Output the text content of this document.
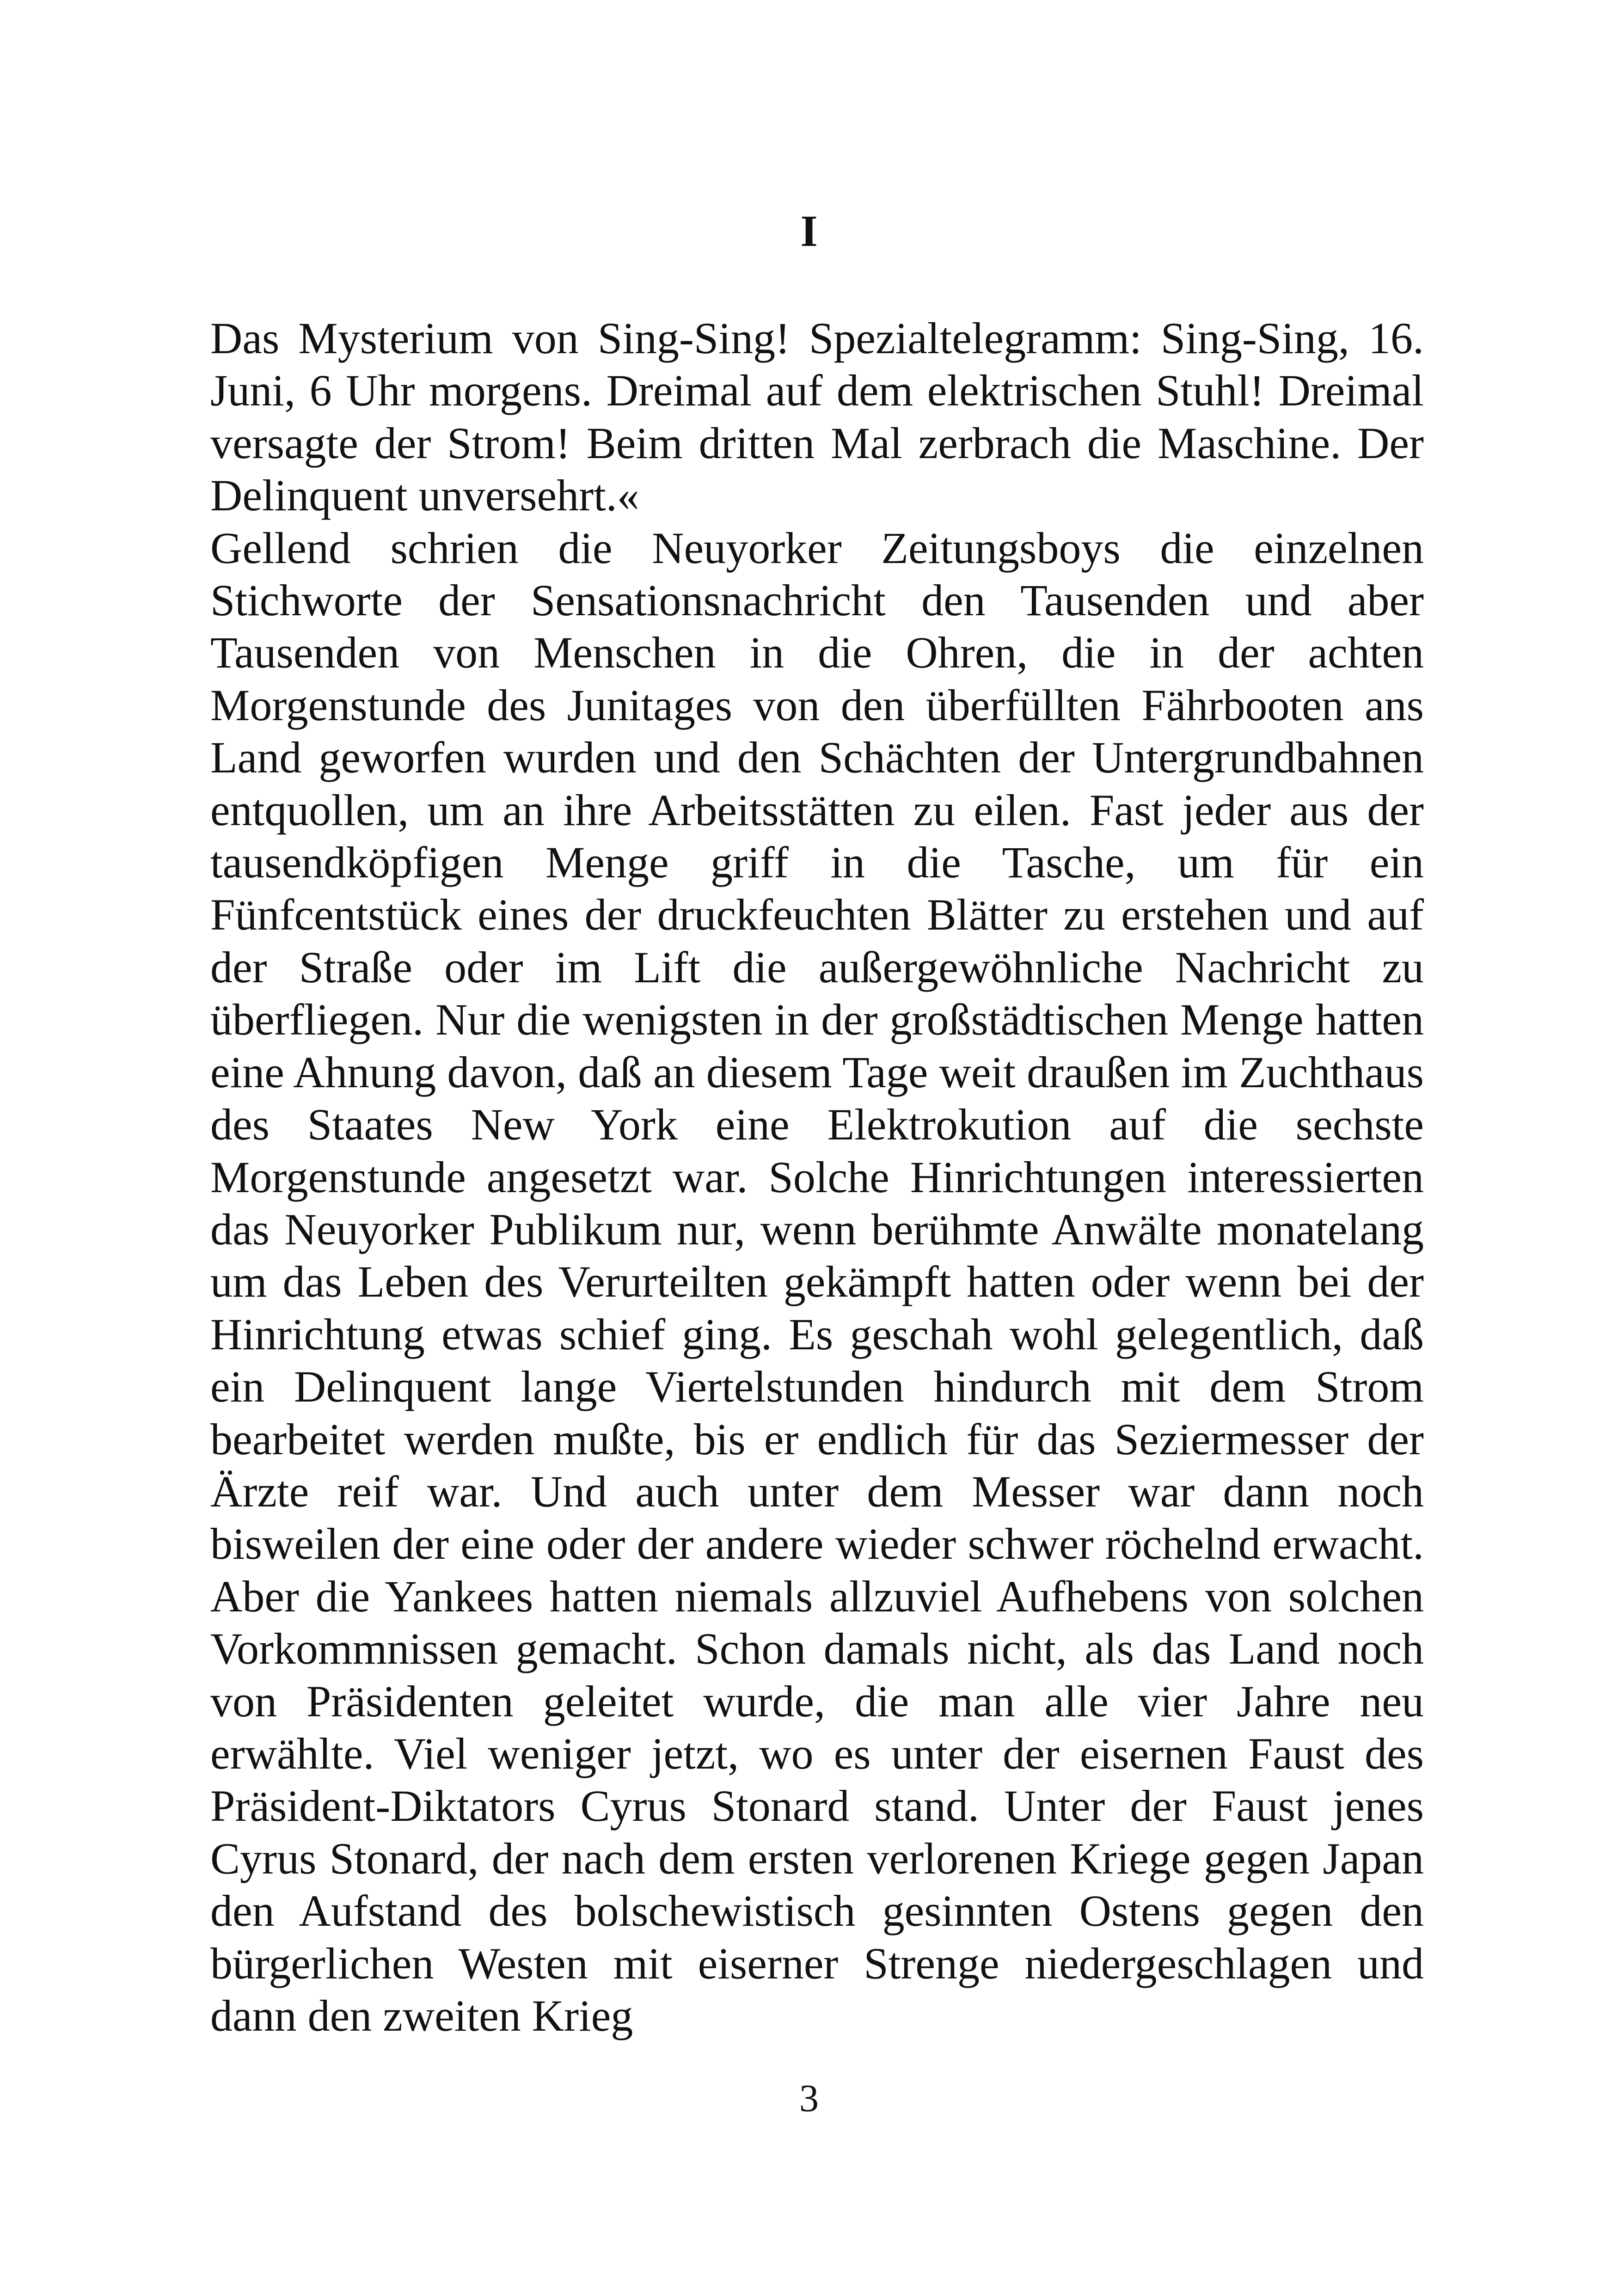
I

Das Mysterium von Sing-Sing! Spezialtelegramm: Sing-Sing, 16. Juni, 6 Uhr morgens. Dreimal auf dem elektrischen Stuhl! Dreimal versagte der Strom! Beim dritten Mal zerbrach die Maschine. Der Delinquent unversehrt.«

Gellend schrien die Neuyorker Zeitungsboys die einzelnen Stichworte der Sensationsnachricht den Tausenden und aber Tausenden von Menschen in die Ohren, die in der achten Morgenstunde des Junitages von den überfüllten Fährbooten ans Land geworfen wurden und den Schächten der Untergrundbahnen entquollen, um an ihre Arbeitsstätten zu eilen. Fast jeder aus der tausendköpfigen Menge griff in die Tasche, um für ein Fünfcentstück eines der druckfeuchten Blätter zu erstehen und auf der Straße oder im Lift die außergewöhnliche Nachricht zu überfliegen. Nur die wenigsten in der großstädtischen Menge hatten eine Ahnung davon, daß an diesem Tage weit draußen im Zuchthaus des Staates New York eine Elektrokution auf die sechste Morgenstunde angesetzt war. Solche Hinrichtungen interessierten das Neuyorker Publikum nur, wenn berühmte Anwälte monatelang um das Leben des Verurteilten gekämpft hatten oder wenn bei der Hinrichtung etwas schief ging. Es geschah wohl gelegentlich, daß ein Delinquent lange Viertelstunden hindurch mit dem Strom bearbeitet werden mußte, bis er endlich für das Seziermesser der Ärzte reif war. Und auch unter dem Messer war dann noch bisweilen der eine oder der andere wieder schwer röchelnd erwacht. Aber die Yankees hatten niemals allzuviel Aufhebens von solchen Vorkommnissen gemacht. Schon damals nicht, als das Land noch von Präsidenten geleitet wurde, die man alle vier Jahre neu erwählte. Viel weniger jetzt, wo es unter der eisernen Faust des Präsident-Diktators Cyrus Stonard stand. Unter der Faust jenes Cyrus Stonard, der nach dem ersten verlorenen Kriege gegen Japan den Aufstand des bolschewistisch gesinnten Ostens gegen den bürgerlichen Westen mit eiserner Strenge niedergeschlagen und dann den zweiten Krieg

3
